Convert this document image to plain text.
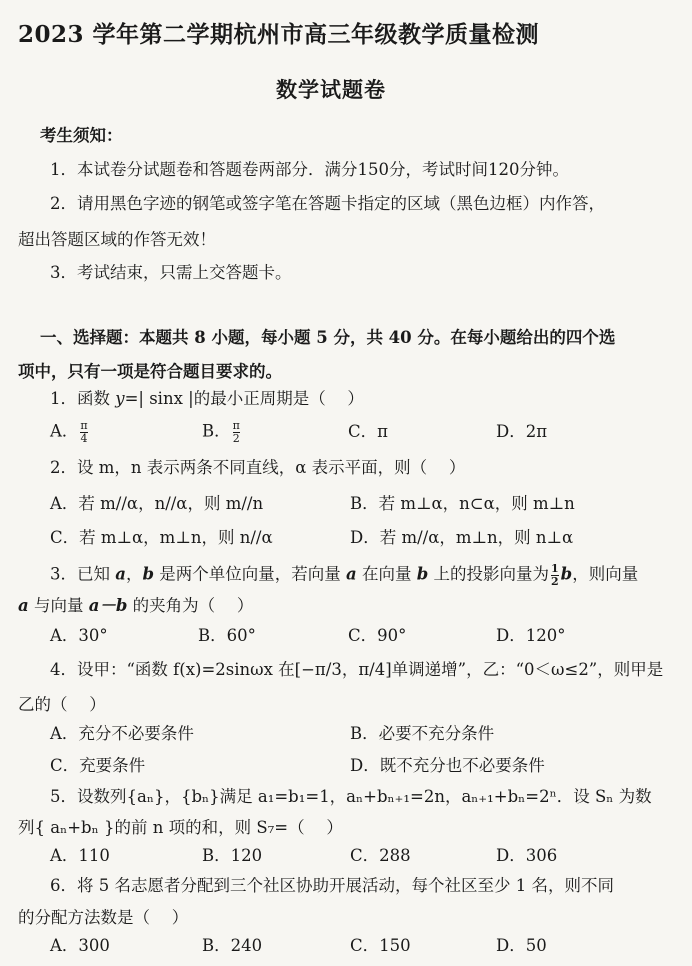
2023 学年第二学期杭州市高三年级教学质量检测
数学试题卷
考生须知：
1．本试卷分试题卷和答题卷两部分．满分150分，考试时间120分钟。
2．请用黑色字迹的钢笔或签字笔在答题卡指定的区域（黑色边框）内作答，
超出答题区域的作答无效！
3．考试结束，只需上交答题卡。
一、选择题：本题共 8 小题，每小题 5 分，共 40 分。在每小题给出的四个选
项中，只有一项是符合题目要求的。
1．函数 y=| sinx |的最小正周期是（　 ）
A． $\frac{\pi}{4}$	B． $\frac{\pi}{2}$	C．π	D．2π
2．设 m，n 表示两条不同直线，α 表示平面，则（　 ）
A．若 m//α，n//α，则 m//n	B．若 m⊥α，n⊂α，则 m⊥n
C．若 m⊥α，m⊥n，则 n//α	D．若 m//α，m⊥n，则 n⊥α
3．已知 a，b 是两个单位向量，若向量 a 在向量 b 上的投影向量为 $\frac{1}{2}$ b，则向量
a 与向量 a－b 的夹角为（　 ）
A．30°	B．60°	C．90°	D．120°
4．设甲：“函数 f(x)=2sinωx 在[−π/3，π/4]单调递增”，乙：“0＜ω≤2”，则甲是
乙的（　 ）
A．充分不必要条件	B．必要不充分条件
C．充要条件	D．既不充分也不必要条件
5．设数列{aₙ}，{bₙ}满足 a₁=b₁=1，aₙ+bₙ₊₁=2n，aₙ₊₁+bₙ=2ⁿ．设 Sₙ 为数
列{ aₙ+bₙ }的前 n 项的和，则 S₇=（　 ）
A．110	B．120	C．288	D．306
6．将 5 名志愿者分配到三个社区协助开展活动，每个社区至少 1 名，则不同
的分配方法数是（　 ）
A．300	B．240	C．150	D．50
